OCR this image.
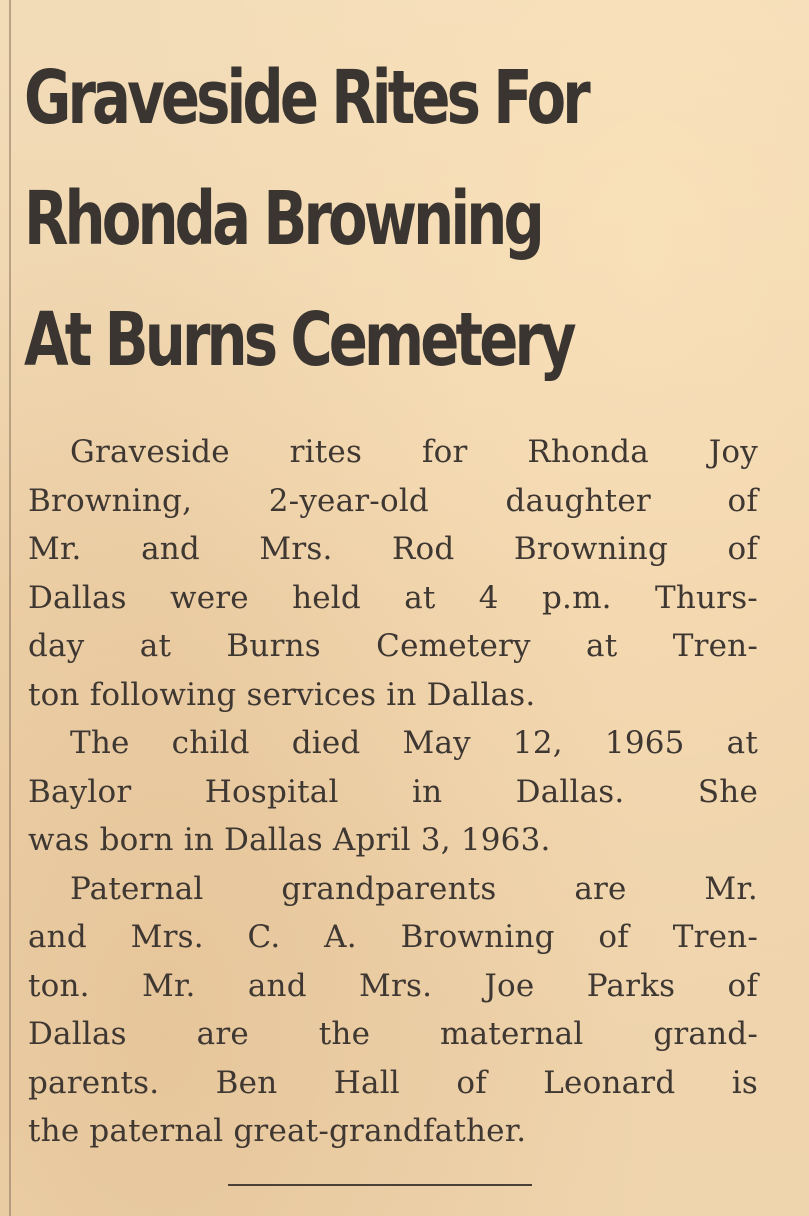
Graveside Rites For
Rhonda Browning
At Burns Cemetery
Graveside rites for Rhonda Joy
Browning, 2-year-old daughter of
Mr. and Mrs. Rod Browning of
Dallas were held at 4 p.m. Thurs-
day at Burns Cemetery at Tren-
ton following services in Dallas.
The child died May 12, 1965 at
Baylor Hospital in Dallas. She
was born in Dallas April 3, 1963.
Paternal grandparents are Mr.
and Mrs. C. A. Browning of Tren-
ton. Mr. and Mrs. Joe Parks of
Dallas are the maternal grand-
parents. Ben Hall of Leonard is
the paternal great-grandfather.
